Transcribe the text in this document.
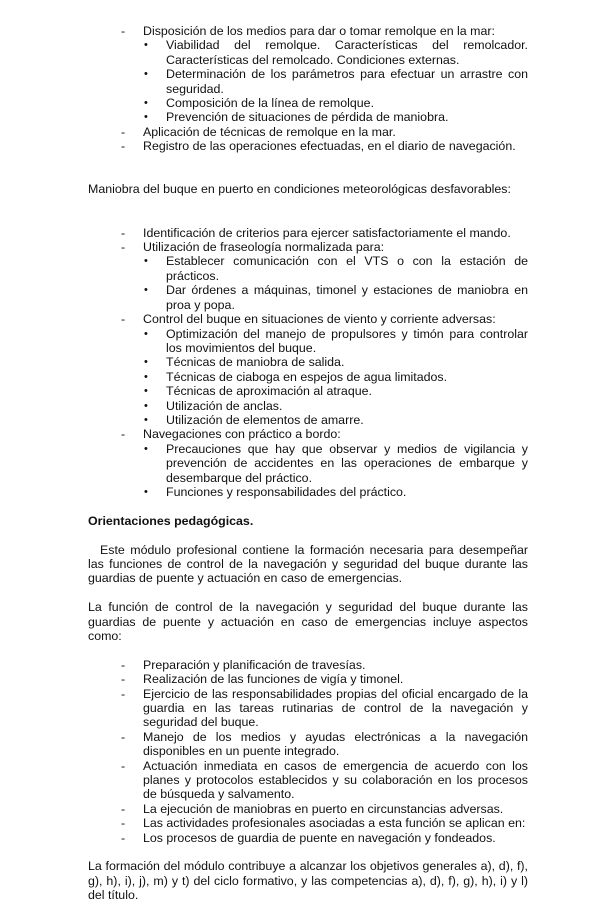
- Disposición de los medios para dar o tomar remolque en la mar:
• Viabilidad del remolque. Características del remolcador. Características del remolcado. Condiciones externas.
• Determinación de los parámetros para efectuar un arrastre con seguridad.
• Composición de la línea de remolque.
• Prevención de situaciones de pérdida de maniobra.
- Aplicación de técnicas de remolque en la mar.
- Registro de las operaciones efectuadas, en el diario de navegación.

Maniobra del buque en puerto en condiciones meteorológicas desfavorables:

- Identificación de criterios para ejercer satisfactoriamente el mando.
- Utilización de fraseología normalizada para:
• Establecer comunicación con el VTS o con la estación de prácticos.
• Dar órdenes a máquinas, timonel y estaciones de maniobra en proa y popa.
- Control del buque en situaciones de viento y corriente adversas:
• Optimización del manejo de propulsores y timón para controlar los movimientos del buque.
• Técnicas de maniobra de salida.
• Técnicas de ciaboga en espejos de agua limitados.
• Técnicas de aproximación al atraque.
• Utilización de anclas.
• Utilización de elementos de amarre.
- Navegaciones con práctico a bordo:
• Precauciones que hay que observar y medios de vigilancia y prevención de accidentes en las operaciones de embarque y desembarque del práctico.
• Funciones y responsabilidades del práctico.
Orientaciones pedagógicas.

Este módulo profesional contiene la formación necesaria para desempeñar las funciones de control de la navegación y seguridad del buque durante las guardias de puente y actuación en caso de emergencias.

La función de control de la navegación y seguridad del buque durante las guardias de puente y actuación en caso de emergencias incluye aspectos como:

- Preparación y planificación de travesías.
- Realización de las funciones de vigía y timonel.
- Ejercicio de las responsabilidades propias del oficial encargado de la guardia en las tareas rutinarias de control de la navegación y seguridad del buque.
- Manejo de los medios y ayudas electrónicas a la navegación disponibles en un puente integrado.
- Actuación inmediata en casos de emergencia de acuerdo con los planes y protocolos establecidos y su colaboración en los procesos de búsqueda y salvamento.
- La ejecución de maniobras en puerto en circunstancias adversas.
- Las actividades profesionales asociadas a esta función se aplican en:
- Los procesos de guardia de puente en navegación y fondeados.

La formación del módulo contribuye a alcanzar los objetivos generales a), d), f), g), h), i), j), m) y t) del ciclo formativo, y las competencias a), d), f), g), h), i) y l) del título.
